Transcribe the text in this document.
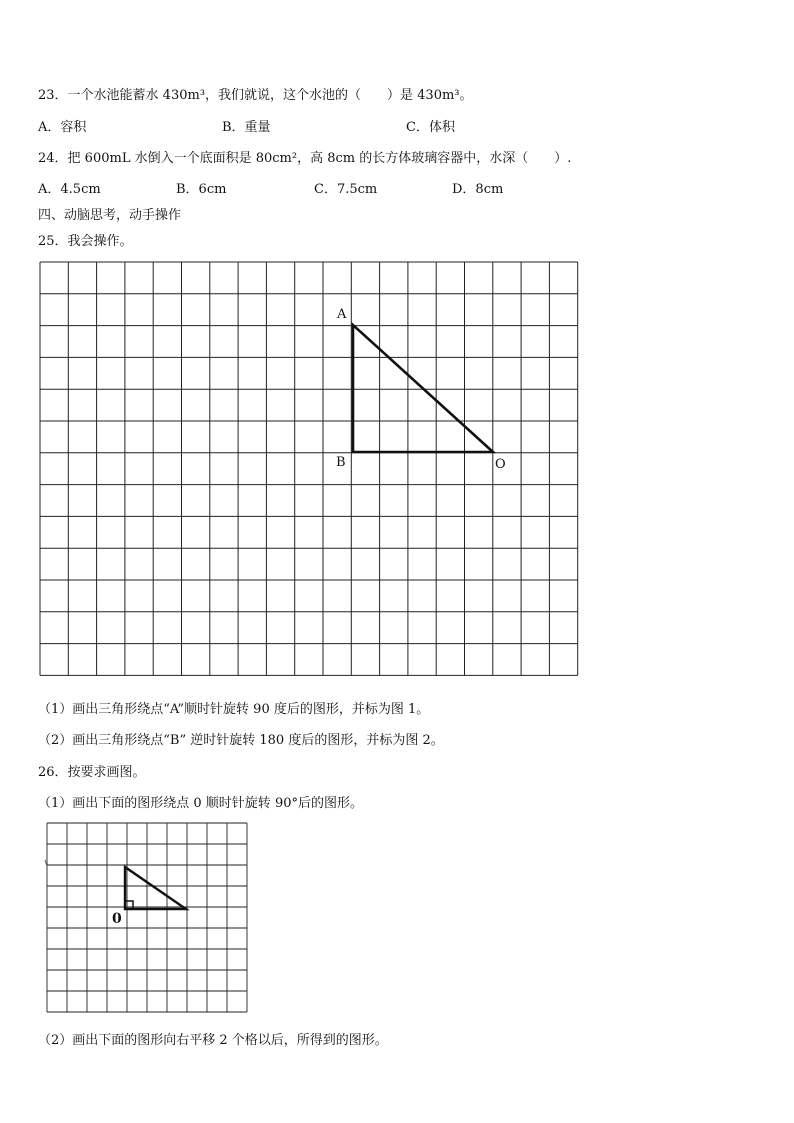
23．一个水池能蓄水 430m³，我们就说，这个水池的（　　）是 430m³。
A．容积	B．重量	C．体积
24．把 600mL 水倒入一个底面积是 80cm²，高 8cm 的长方体玻璃容器中，水深（　　）.
A．4.5cm	B．6cm	C．7.5cm	D．8cm
四、动脑思考，动手操作
25．我会操作。
A
B	O
0
（1）画出三角形绕点“A”顺时针旋转 90 度后的图形，并标为图 1。
（2）画出三角形绕点“B” 逆时针旋转 180 度后的图形，并标为图 2。
26．按要求画图。
（1）画出下面的图形绕点 0 顺时针旋转 90°后的图形。
（2）画出下面的图形向右平移 2 个格以后，所得到的图形。
